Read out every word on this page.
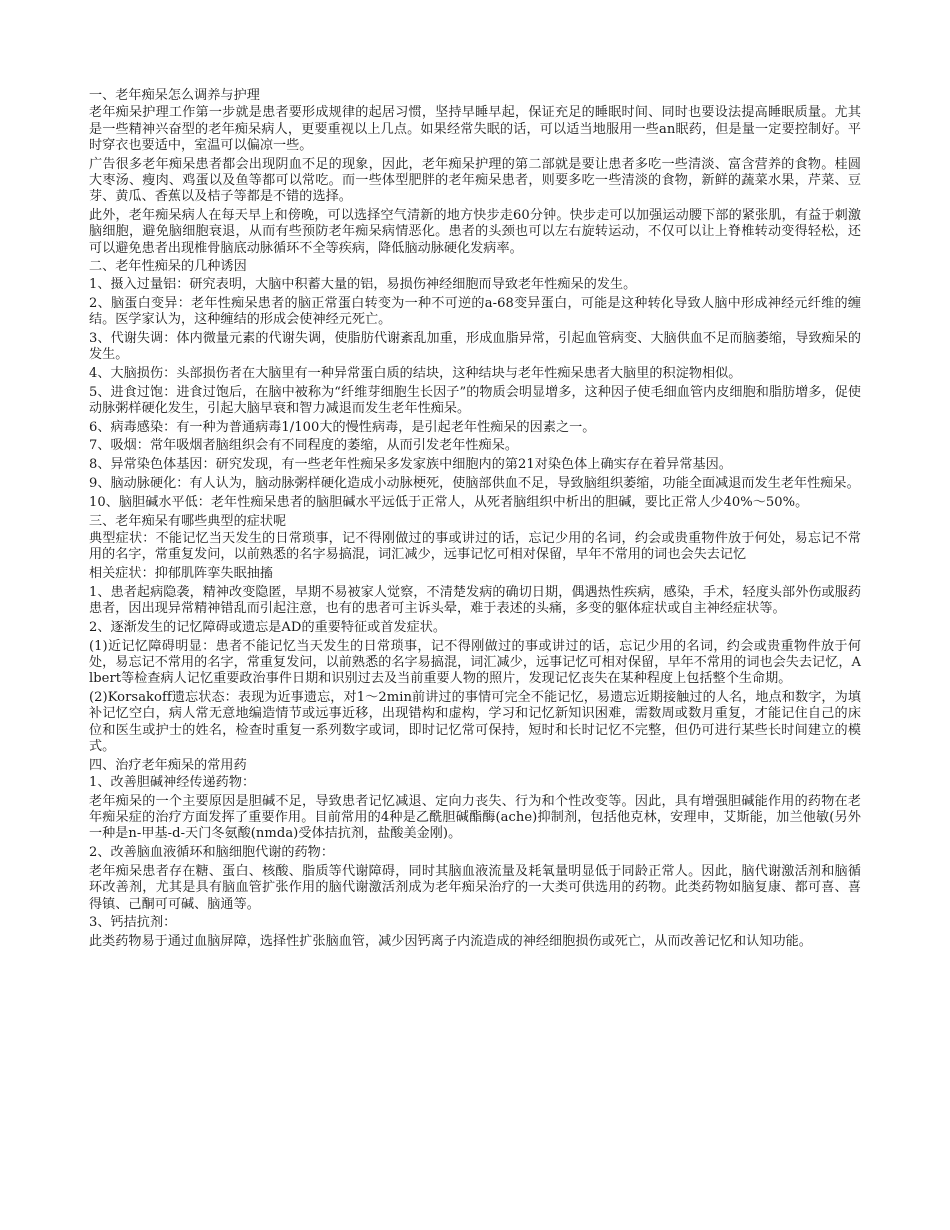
一、老年痴呆怎么调养与护理

老年痴呆护理工作第一步就是患者要形成规律的起居习惯，坚持早睡早起，保证充足的睡眠时间、同时也要设法提高睡眠质量。尤其是一些精神兴奋型的老年痴呆病人，更要重视以上几点。如果经常失眠的话，可以适当地服用一些an眠药，但是量一定要控制好。平时穿衣也要适中，室温可以偏凉一些。

广告很多老年痴呆患者都会出现阴血不足的现象，因此，老年痴呆护理的第二部就是要让患者多吃一些清淡、富含营养的食物。桂圆大枣汤、瘦肉、鸡蛋以及鱼等都可以常吃。而一些体型肥胖的老年痴呆患者，则要多吃一些清淡的食物，新鲜的蔬菜水果，芹菜、豆芽、黄瓜、香蕉以及桔子等都是不错的选择。

此外，老年痴呆病人在每天早上和傍晚，可以选择空气清新的地方快步走60分钟。快步走可以加强运动腰下部的紧张肌，有益于刺激脑细胞，避免脑细胞衰退，从而有些预防老年痴呆病情恶化。患者的头颈也可以左右旋转运动，不仅可以让上脊椎转动变得轻松，还可以避免患者出现椎骨脑底动脉循环不全等疾病，降低脑动脉硬化发病率。

二、老年性痴呆的几种诱因

1、摄入过量铝：研究表明，大脑中积蓄大量的铝，易损伤神经细胞而导致老年性痴呆的发生。

2、脑蛋白变异：老年性痴呆患者的脑正常蛋白转变为一种不可逆的a-68变异蛋白，可能是这种转化导致人脑中形成神经元纤维的缠结。医学家认为，这种缠结的形成会使神经元死亡。

3、代谢失调：体内微量元素的代谢失调，使脂肪代谢紊乱加重，形成血脂异常，引起血管病变、大脑供血不足而脑萎缩，导致痴呆的发生。

4、大脑损伤：头部损伤者在大脑里有一种异常蛋白质的结块，这种结块与老年性痴呆患者大脑里的积淀物相似。

5、进食过饱：进食过饱后，在脑中被称为“纤维芽细胞生长因子”的物质会明显增多，这种因子使毛细血管内皮细胞和脂肪增多，促使动脉粥样硬化发生，引起大脑早衰和智力减退而发生老年性痴呆。

6、病毒感染：有一种为普通病毒1/100大的慢性病毒，是引起老年性痴呆的因素之一。

7、吸烟：常年吸烟者脑组织会有不同程度的萎缩，从而引发老年性痴呆。

8、异常染色体基因：研究发现，有一些老年性痴呆多发家族中细胞内的第21对染色体上确实存在着异常基因。

9、脑动脉硬化：有人认为，脑动脉粥样硬化造成小动脉梗死，使脑部供血不足，导致脑组织萎缩，功能全面减退而发生老年性痴呆。

10、脑胆碱水平低：老年性痴呆患者的脑胆碱水平远低于正常人，从死者脑组织中析出的胆碱，要比正常人少40%～50%。

三、老年痴呆有哪些典型的症状呢

典型症状：不能记忆当天发生的日常琐事，记不得刚做过的事或讲过的话，忘记少用的名词，约会或贵重物件放于何处，易忘记不常用的名字，常重复发问，以前熟悉的名字易搞混，词汇减少，远事记忆可相对保留，早年不常用的词也会失去记忆

相关症状：抑郁肌阵挛失眠抽搐

1、患者起病隐袭，精神改变隐匿，早期不易被家人觉察，不清楚发病的确切日期，偶遇热性疾病，感染，手术，轻度头部外伤或服药患者，因出现异常精神错乱而引起注意，也有的患者可主诉头晕，难于表述的头痛，多变的躯体症状或自主神经症状等。

2、逐渐发生的记忆障碍或遗忘是AD的重要特征或首发症状。

(1)近记忆障碍明显：患者不能记忆当天发生的日常琐事，记不得刚做过的事或讲过的话，忘记少用的名词，约会或贵重物件放于何处，易忘记不常用的名字，常重复发问，以前熟悉的名字易搞混，词汇减少，远事记忆可相对保留，早年不常用的词也会失去记忆，Albert等检查病人记忆重要政治事件日期和识别过去及当前重要人物的照片，发现记忆丧失在某种程度上包括整个生命期。

(2)Korsakoff遗忘状态：表现为近事遗忘，对1～2min前讲过的事情可完全不能记忆，易遗忘近期接触过的人名，地点和数字，为填补记忆空白，病人常无意地编造情节或远事近移，出现错构和虚构，学习和记忆新知识困难，需数周或数月重复，才能记住自己的床位和医生或护士的姓名，检查时重复一系列数字或词，即时记忆常可保持，短时和长时记忆不完整，但仍可进行某些长时间建立的模式。

四、治疗老年痴呆的常用药

1、改善胆碱神经传递药物：

老年痴呆的一个主要原因是胆碱不足，导致患者记忆减退、定向力丧失、行为和个性改变等。因此，具有增强胆碱能作用的药物在老年痴呆症的治疗方面发挥了重要作用。目前常用的4种是乙酰胆碱酯酶(ache)抑制剂，包括他克林，安理申，艾斯能，加兰他敏(另外一种是n-甲基-d-天门冬氨酸(nmda)受体拮抗剂，盐酸美金刚)。

2、改善脑血液循环和脑细胞代谢的药物：

老年痴呆患者存在糖、蛋白、核酸、脂质等代谢障碍，同时其脑血液流量及耗氧量明显低于同龄正常人。因此，脑代谢激活剂和脑循环改善剂，尤其是具有脑血管扩张作用的脑代谢激活剂成为老年痴呆治疗的一大类可供选用的药物。此类药物如脑复康、都可喜、喜得镇、己酮可可碱、脑通等。

3、钙拮抗剂：

此类药物易于通过血脑屏障，选择性扩张脑血管，减少因钙离子内流造成的神经细胞损伤或死亡，从而改善记忆和认知功能。
